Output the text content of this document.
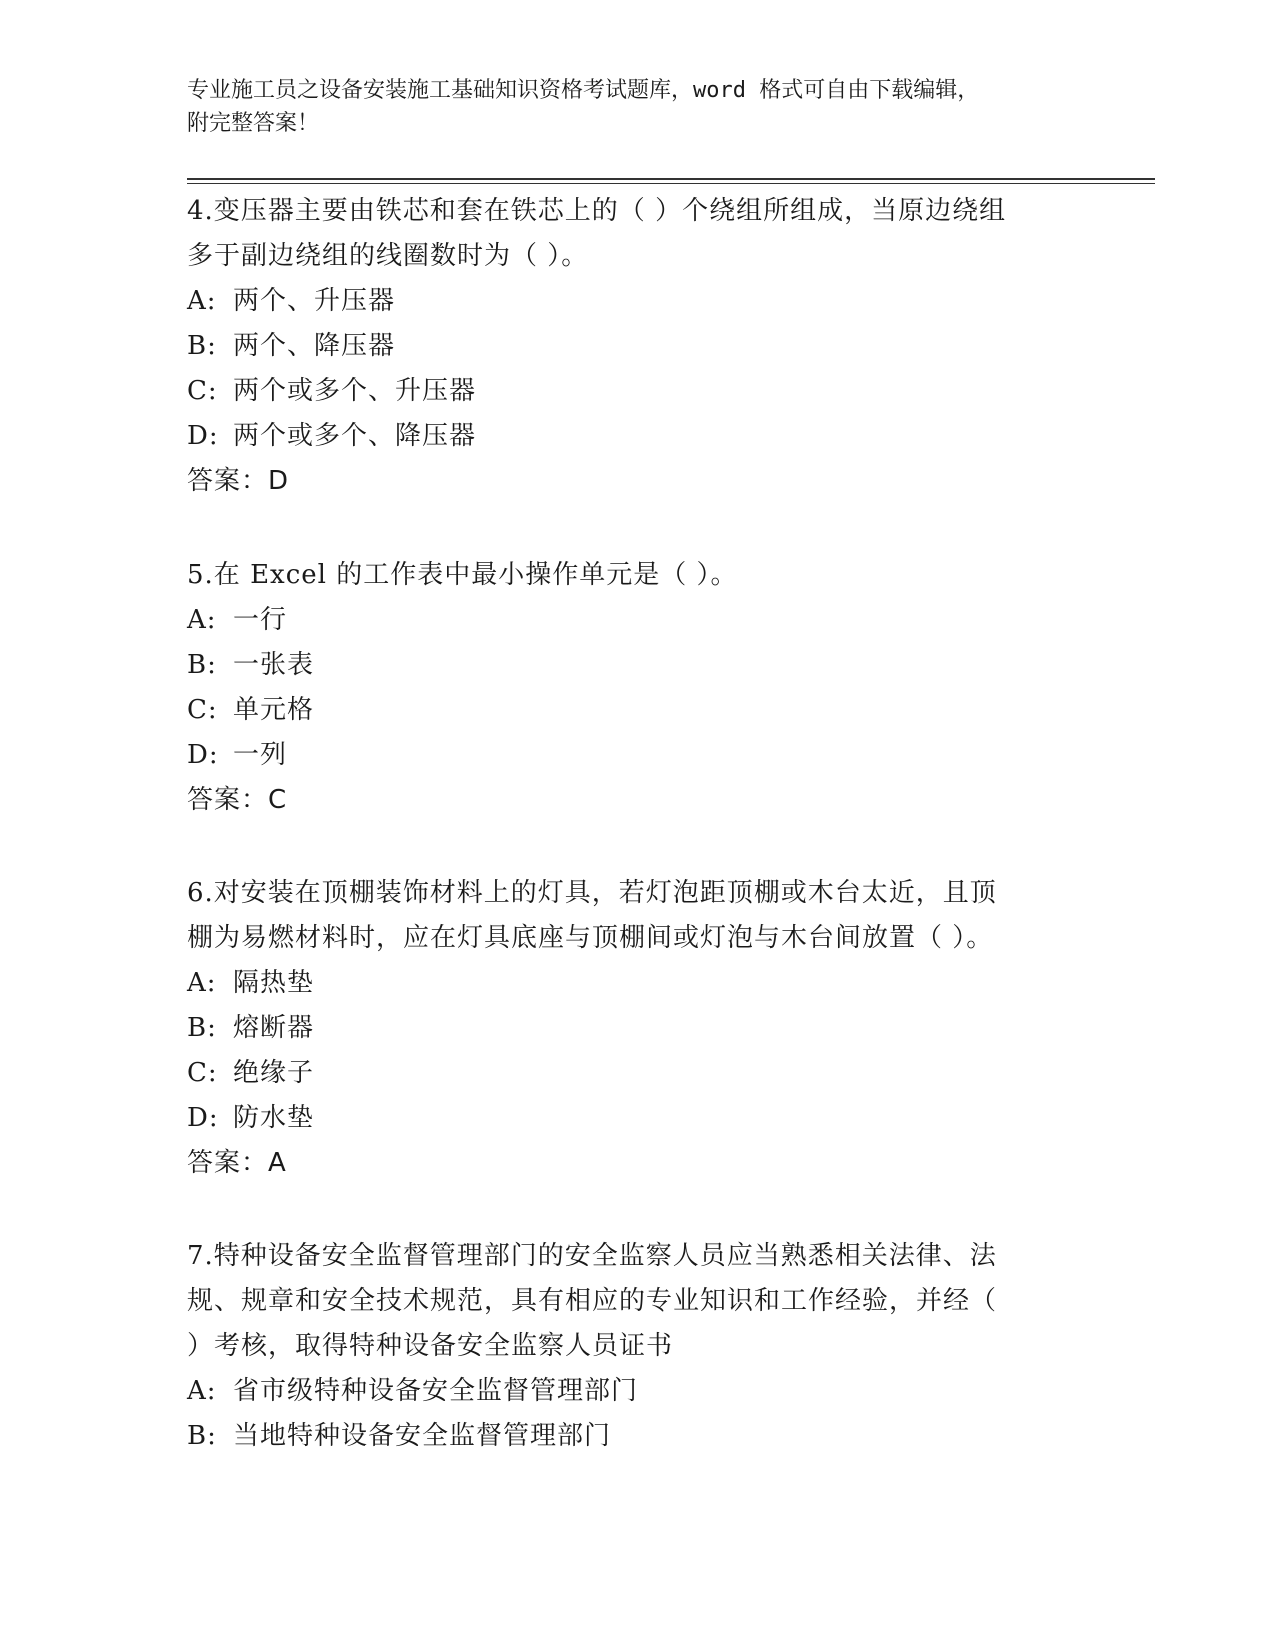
专业施工员之设备安装施工基础知识资格考试题库，word 格式可自由下载编辑，
附完整答案！
4.变压器主要由铁芯和套在铁芯上的（ ）个绕组所组成，当原边绕组
多于副边绕组的线圈数时为（ ）。
A: 两个、升压器
B: 两个、降压器
C: 两个或多个、升压器
D: 两个或多个、降压器
答案：D
5.在 Excel 的工作表中最小操作单元是（ ）。
A: 一行
B: 一张表
C: 单元格
D: 一列
答案：C
6.对安装在顶棚装饰材料上的灯具，若灯泡距顶棚或木台太近，且顶
棚为易燃材料时，应在灯具底座与顶棚间或灯泡与木台间放置（ ）。
A: 隔热垫
B: 熔断器
C: 绝缘子
D: 防水垫
答案：A
7.特种设备安全监督管理部门的安全监察人员应当熟悉相关法律、法
规、规章和安全技术规范，具有相应的专业知识和工作经验，并经（
）考核，取得特种设备安全监察人员证书
A: 省市级特种设备安全监督管理部门
B: 当地特种设备安全监督管理部门
